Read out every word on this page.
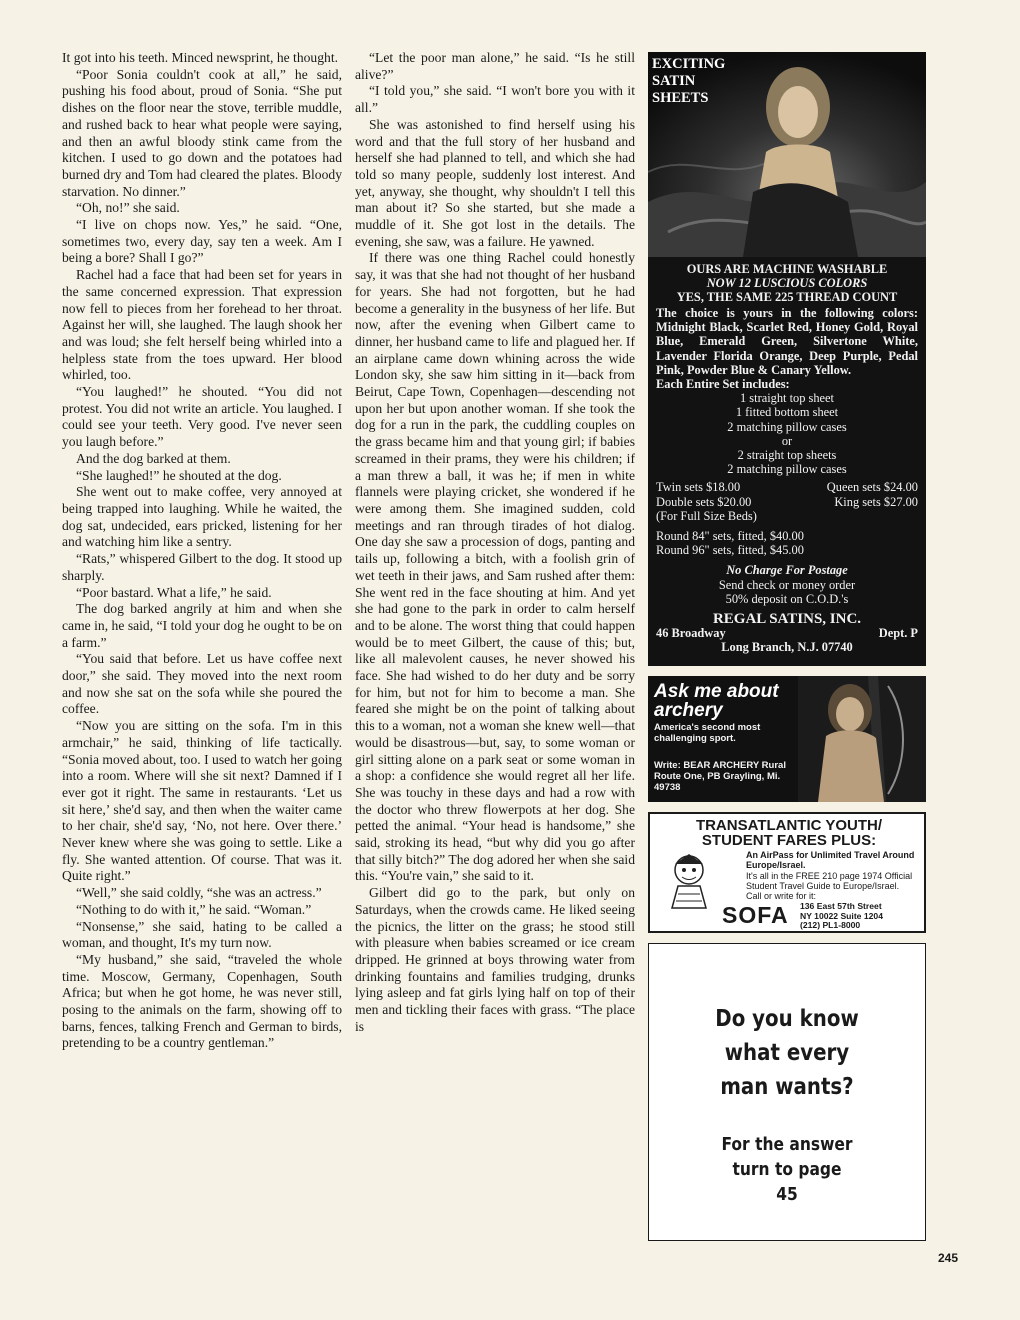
It got into his teeth. Minced newsprint, he thought.

“Poor Sonia couldn't cook at all,” he said, pushing his food about, proud of Sonia. “She put dishes on the floor near the stove, terrible muddle, and rushed back to hear what people were saying, and then an awful bloody stink came from the kitchen. I used to go down and the potatoes had burned dry and Tom had cleared the plates. Bloody starvation. No dinner.”

“Oh, no!” she said.

“I live on chops now. Yes,” he said. “One, sometimes two, every day, say ten a week. Am I being a bore? Shall I go?”

Rachel had a face that had been set for years in the same concerned expression. That expression now fell to pieces from her forehead to her throat. Against her will, she laughed. The laugh shook her and was loud; she felt herself being whirled into a helpless state from the toes upward. Her blood whirled, too.

“You laughed!” he shouted. “You did not protest. You did not write an article. You laughed. I could see your teeth. Very good. I've never seen you laugh before.”

And the dog barked at them.

“She laughed!” he shouted at the dog.

She went out to make coffee, very annoyed at being trapped into laughing. While he waited, the dog sat, undecided, ears pricked, listening for her and watching him like a sentry.

“Rats,” whispered Gilbert to the dog. It stood up sharply.

“Poor bastard. What a life,” he said.

The dog barked angrily at him and when she came in, he said, “I told your dog he ought to be on a farm.”

“You said that before. Let us have coffee next door,” she said. They moved into the next room and now she sat on the sofa while she poured the coffee.

“Now you are sitting on the sofa. I'm in this armchair,” he said, thinking of life tactically. “Sonia moved about, too. I used to watch her going into a room. Where will she sit next? Damned if I ever got it right. The same in restaurants. ‘Let us sit here,’ she'd say, and then when the waiter came to her chair, she'd say, ‘No, not here. Over there.’ Never knew where she was going to settle. Like a fly. She wanted attention. Of course. That was it. Quite right.”

“Well,” she said coldly, “she was an actress.”

“Nothing to do with it,” he said. “Woman.”

“Nonsense,” she said, hating to be called a woman, and thought, It's my turn now.

“My husband,” she said, “traveled the whole time. Moscow, Germany, Copenhagen, South Africa; but when he got home, he was never still, posing to the animals on the farm, showing off to barns, fences, talking French and German to birds, pretending to be a country gentleman.”

“Let the poor man alone,” he said. “Is he still alive?”

“I told you,” she said. “I won't bore you with it all.”

She was astonished to find herself using his word and that the full story of her husband and herself she had planned to tell, and which she had told so many people, suddenly lost interest. And yet, anyway, she thought, why shouldn't I tell this man about it? So she started, but she made a muddle of it. She got lost in the details. The evening, she saw, was a failure. He yawned.

If there was one thing Rachel could honestly say, it was that she had not thought of her husband for years. She had not forgotten, but he had become a generality in the busyness of her life. But now, after the evening when Gilbert came to dinner, her husband came to life and plagued her. If an airplane came down whining across the wide London sky, she saw him sitting in it—back from Beirut, Cape Town, Copenhagen—descending not upon her but upon another woman. If she took the dog for a run in the park, the cuddling couples on the grass became him and that young girl; if babies screamed in their prams, they were his children; if a man threw a ball, it was he; if men in white flannels were playing cricket, she wondered if he were among them. She imagined sudden, cold meetings and ran through tirades of hot dialog. One day she saw a procession of dogs, panting and tails up, following a bitch, with a foolish grin of wet teeth in their jaws, and Sam rushed after them: She went red in the face shouting at him. And yet she had gone to the park in order to calm herself and to be alone. The worst thing that could happen would be to meet Gilbert, the cause of this; but, like all malevolent causes, he never showed his face. She had wished to do her duty and be sorry for him, but not for him to become a man. She feared she might be on the point of talking about this to a woman, not a woman she knew well—that would be disastrous—but, say, to some woman or girl sitting alone on a park seat or some woman in a shop: a confidence she would regret all her life. She was touchy in these days and had a row with the doctor who threw flowerpots at her dog. She petted the animal. “Your head is handsome,” she said, stroking its head, “but why did you go after that silly bitch?” The dog adored her when she said this. “You're vain,” she said to it.

Gilbert did go to the park, but only on Saturdays, when the crowds came. He liked seeing the picnics, the litter on the grass; he stood still with pleasure when babies screamed or ice cream dripped. He grinned at boys throwing water from drinking fountains and families trudging, drunks lying asleep and fat girls lying half on top of their men and tickling their faces with grass. “The place is

EXCITING
SATIN
SHEETS
OURS ARE MACHINE WASHABLE
NOW 12 LUSCIOUS COLORS
YES, THE SAME 225 THREAD COUNT
The choice is yours in the following colors: Midnight Black, Scarlet Red, Honey Gold, Royal Blue, Emerald Green, Silvertone White, Lavender Florida Orange, Deep Purple, Pedal Pink, Powder Blue & Canary Yellow.
Each Entire Set includes:
1 straight top sheet
1 fitted bottom sheet
2 matching pillow cases
or
2 straight top sheets
2 matching pillow cases
Twin sets $18.00	Queen sets $24.00
Double sets $20.00	King sets $27.00
(For Full Size Beds)
Round 84" sets, fitted, $40.00
Round 96" sets, fitted, $45.00
No Charge For Postage
Send check or money order
50% deposit on C.O.D.'s
REGAL SATINS, INC.
46 Broadway	Dept. P
Long Branch, N.J. 07740
Ask me about archery
America's second most challenging sport.
Write: BEAR ARCHERY Rural Route One, PB Grayling, Mi. 49738
TRANSATLANTIC YOUTH/
STUDENT FARES PLUS:
An AirPass for Unlimited Travel Around Europe/Israel.
It's all in the FREE 210 page 1974 Official Student Travel Guide to Europe/Israel. Call or write for it:
SOFA 136 East 57th Street
NY 10022 Suite 1204
(212) PL1-8000
Do you know what every man wants?
For the answer turn to page 45
245
